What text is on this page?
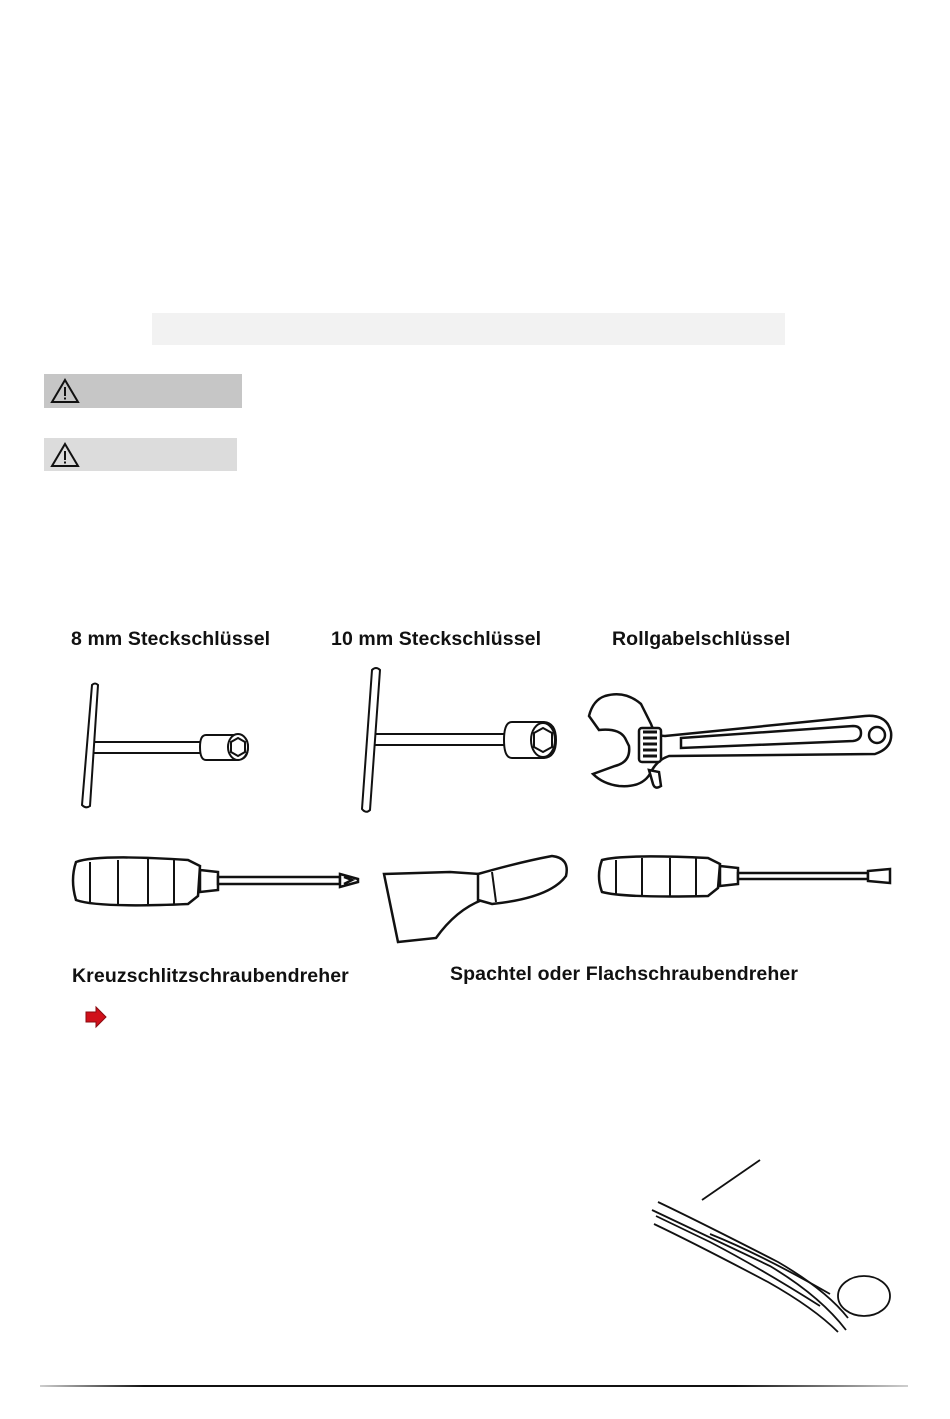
8 mm Steckschlüssel	10 mm Steckschlüssel	Rollgabelschlüssel
Kreuzschlitzschraubendreher	Spachtel oder Flachschraubendreher
